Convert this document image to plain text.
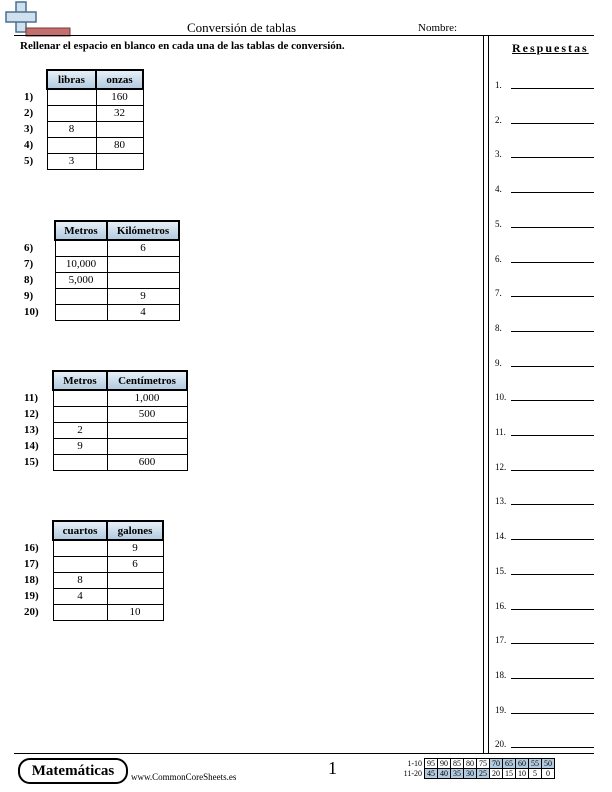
Conversión de tablas	Nombre:
Rellenar el espacio en blanco en cada una de las tablas de conversión.
	libras	onzas
1)		160
2)		32
3)	8	
4)		80
5)	3	
	Metros	Kilómetros
6)		6
7)	10,000	
8)	5,000	
9)		9
10)		4
	Metros	Centímetros
11)		1,000
12)		500
13)	2	
14)	9	
15)		600
	cuartos	galones
16)		9
17)		6
18)	8	
19)	4	
20)		10
Respuestas
1.
2.
3.
4.
5.
6.
7.
8.
9.
10.
11.
12.
13.
14.
15.
16.
17.
18.
19.
20.
Matemáticas	www.CommonCoreSheets.es	1	1-10	95	90	85	80	75	70	65	60	55	50
11-20	45	40	35	30	25	20	15	10	5	0
